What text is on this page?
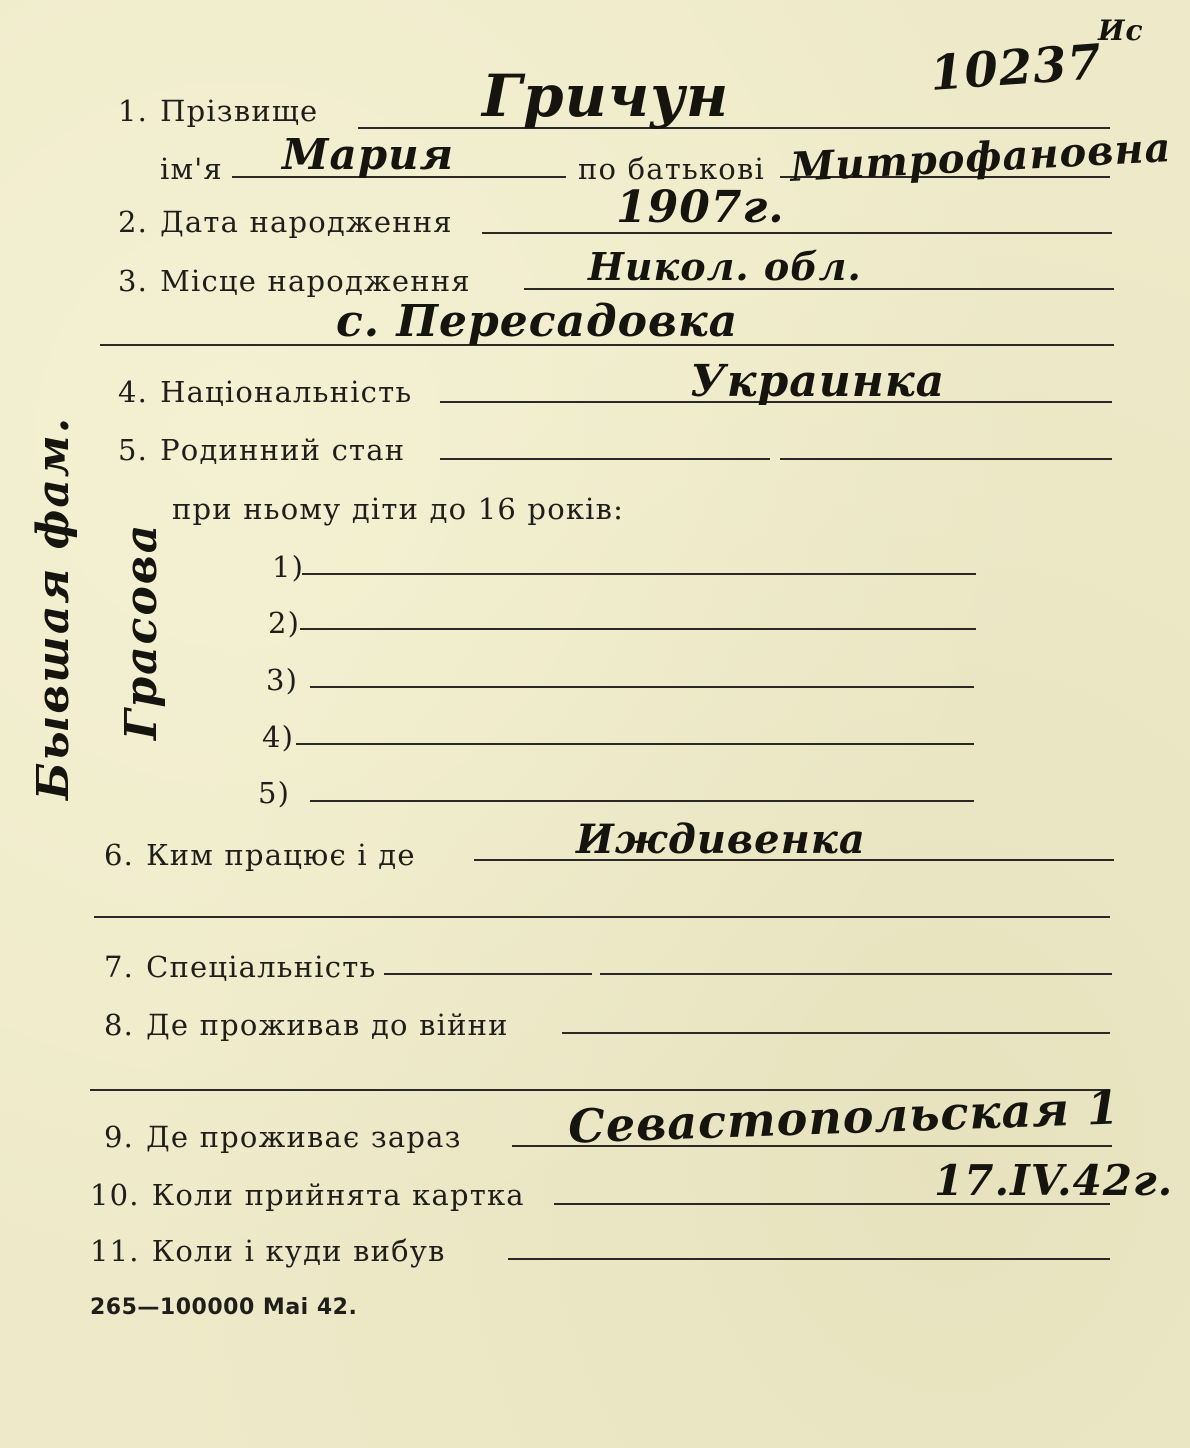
1. Прізвище	Гричун	10237
Ис
ім'я Мария	по батькові Митрофановна
2. Дата народження	1907г.
3. Місце народження	Никол. обл.
с. Пересадовка
4. Національність	Украинка
5. Родинний стан
при ньому діти до 16 років:
1)
2)
3)
4)
5)
6. Ким працює і де	Иждивенка
7. Спеціальність
8. Де проживав до війни
9. Де проживає зараз Севастопольская 1
10. Коли прийнята картка	17.IV.42г.
11. Коли і куди вибув
265—100000 Mai 42.
Бывшая фам. Грасова
